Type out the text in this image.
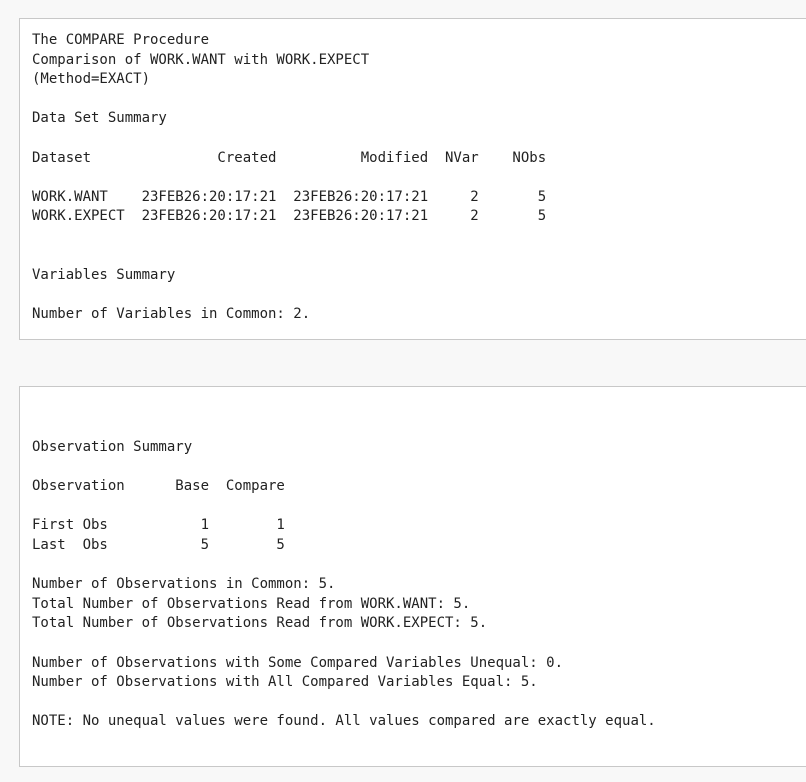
The COMPARE Procedure
Comparison of WORK.WANT with WORK.EXPECT
(Method=EXACT)

Data Set Summary

Dataset               Created          Modified  NVar    NObs

WORK.WANT    23FEB26:20:17:21  23FEB26:20:17:21     2       5
WORK.EXPECT  23FEB26:20:17:21  23FEB26:20:17:21     2       5

Variables Summary

Number of Variables in Common: 2.
Observation Summary

Observation      Base  Compare

First Obs           1        1
Last  Obs           5        5

Number of Observations in Common: 5.
Total Number of Observations Read from WORK.WANT: 5.
Total Number of Observations Read from WORK.EXPECT: 5.

Number of Observations with Some Compared Variables Unequal: 0.
Number of Observations with All Compared Variables Equal: 5.

NOTE: No unequal values were found. All values compared are exactly equal.
